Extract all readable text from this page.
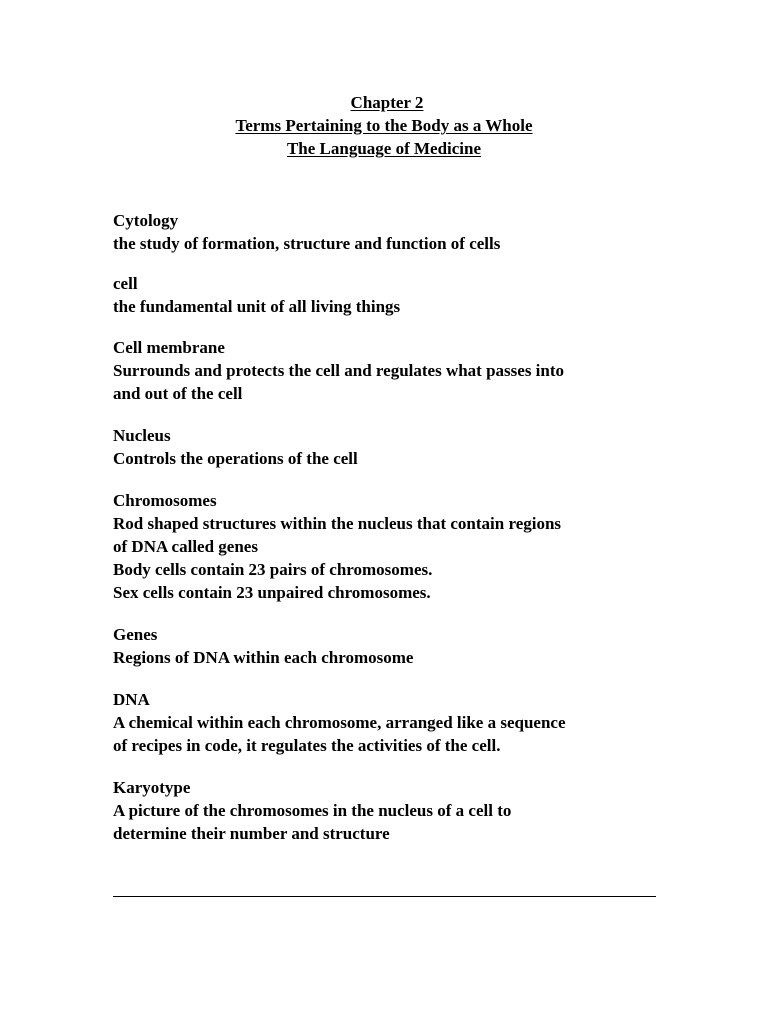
Chapter 2
Terms Pertaining to the Body as a Whole
The Language of Medicine
Cytology
the study of formation, structure and function of cells
cell
the fundamental unit of all living things
Cell membrane
Surrounds and protects the cell and regulates what passes into
and out of the cell
Nucleus
Controls the operations of the cell
Chromosomes
Rod shaped structures within the nucleus that contain regions
of DNA called genes
Body cells contain 23 pairs of chromosomes.
Sex cells contain 23 unpaired chromosomes.
Genes
Regions of DNA within each chromosome
DNA
A chemical within each chromosome, arranged like a sequence
of recipes in code, it regulates the activities of the cell.
Karyotype
A picture of the chromosomes in the nucleus of a cell to
determine their number and structure
